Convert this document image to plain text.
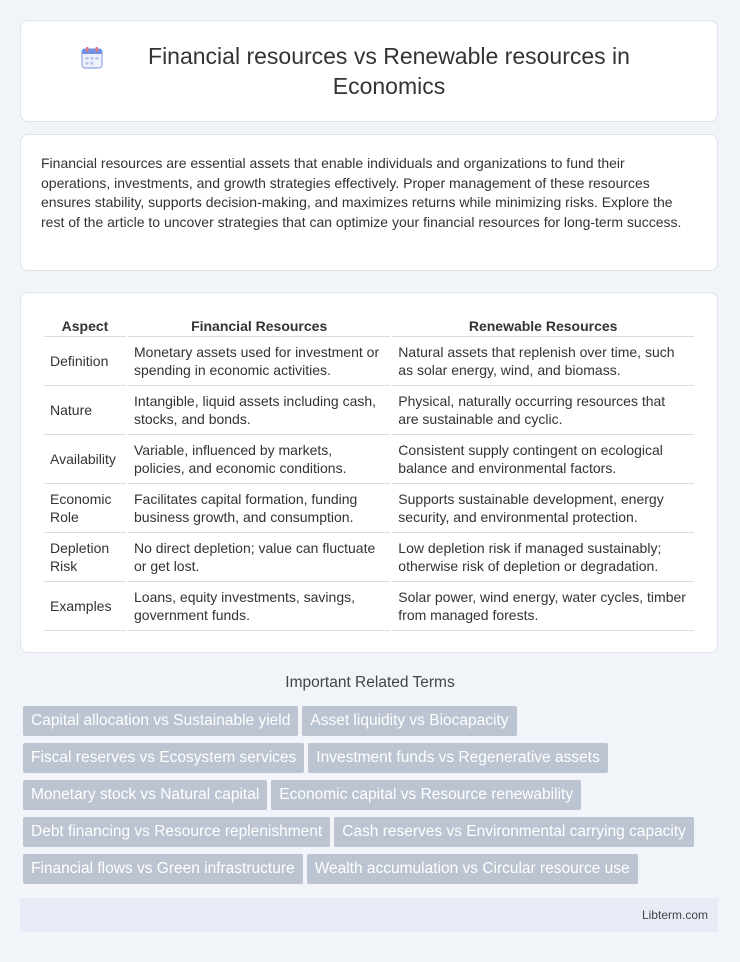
Financial resources vs Renewable resources in Economics

Financial resources are essential assets that enable individuals and organizations to fund their operations, investments, and growth strategies effectively. Proper management of these resources ensures stability, supports decision-making, and maximizes returns while minimizing risks. Explore the rest of the article to uncover strategies that can optimize your financial resources for long-term success.

Aspect	Financial Resources	Renewable Resources
Definition	Monetary assets used for investment or spending in economic activities.	Natural assets that replenish over time, such as solar energy, wind, and biomass.
Nature	Intangible, liquid assets including cash, stocks, and bonds.	Physical, naturally occurring resources that are sustainable and cyclic.
Availability	Variable, influenced by markets, policies, and economic conditions.	Consistent supply contingent on ecological balance and environmental factors.
Economic Role	Facilitates capital formation, funding business growth, and consumption.	Supports sustainable development, energy security, and environmental protection.
Depletion Risk	No direct depletion; value can fluctuate or get lost.	Low depletion risk if managed sustainably; otherwise risk of depletion or degradation.
Examples	Loans, equity investments, savings, government funds.	Solar power, wind energy, water cycles, timber from managed forests.
Important Related Terms
Capital allocation vs Sustainable yield Asset liquidity vs Biocapacity
Fiscal reserves vs Ecosystem services Investment funds vs Regenerative assets
Monetary stock vs Natural capital Economic capital vs Resource renewability
Debt financing vs Resource replenishment Cash reserves vs Environmental carrying capacity
Financial flows vs Green infrastructure Wealth accumulation vs Circular resource use
Libterm.com
